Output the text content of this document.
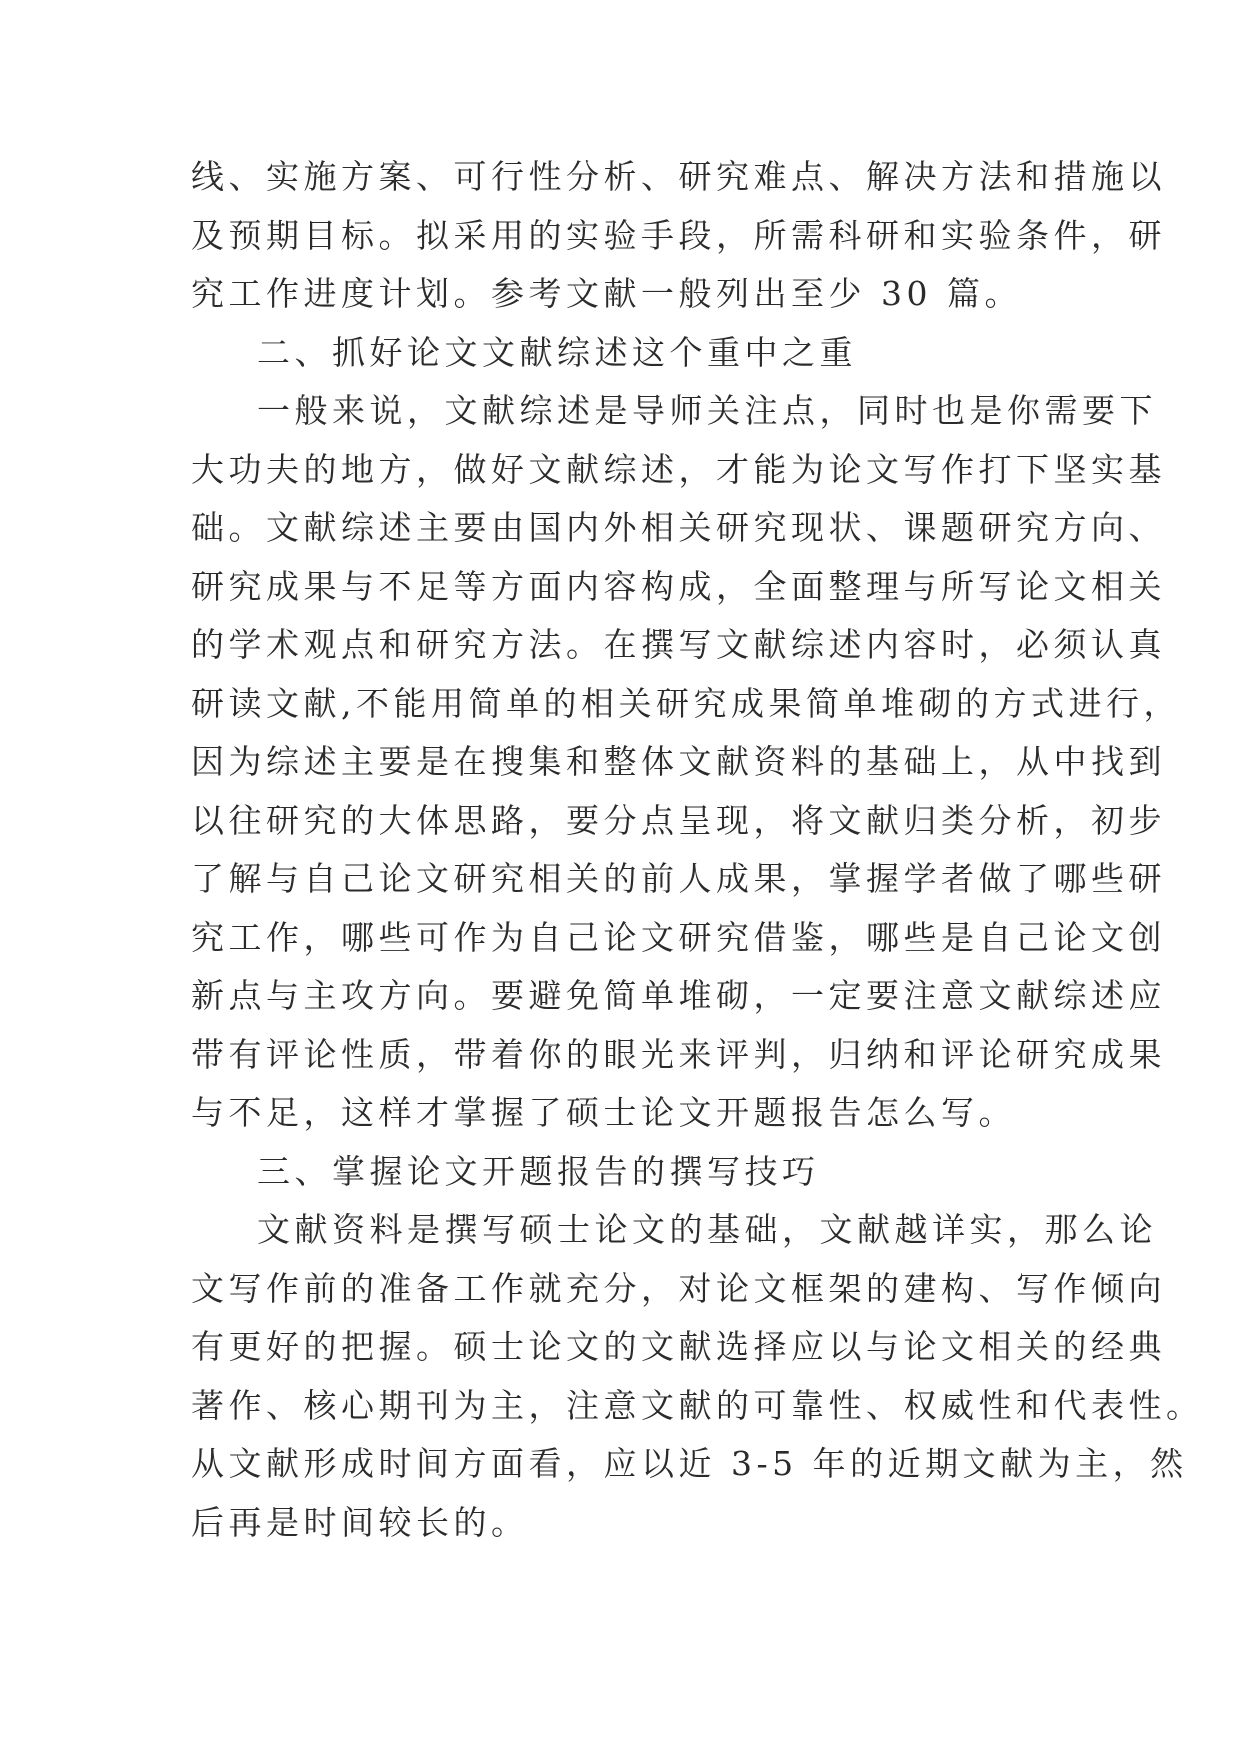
线、实施方案、可行性分析、研究难点、解决方法和措施以
及预期目标。拟采用的实验手段，所需科研和实验条件，研
究工作进度计划。参考文献一般列出至少 30 篇。
二、抓好论文文献综述这个重中之重
一般来说，文献综述是导师关注点，同时也是你需要下
大功夫的地方，做好文献综述，才能为论文写作打下坚实基
础。文献综述主要由国内外相关研究现状、课题研究方向、
研究成果与不足等方面内容构成，全面整理与所写论文相关
的学术观点和研究方法。在撰写文献综述内容时，必须认真
研读文献,不能用简单的相关研究成果简单堆砌的方式进行，
因为综述主要是在搜集和整体文献资料的基础上，从中找到
以往研究的大体思路，要分点呈现，将文献归类分析，初步
了解与自己论文研究相关的前人成果，掌握学者做了哪些研
究工作，哪些可作为自己论文研究借鉴，哪些是自己论文创
新点与主攻方向。要避免简单堆砌，一定要注意文献综述应
带有评论性质，带着你的眼光来评判，归纳和评论研究成果
与不足，这样才掌握了硕士论文开题报告怎么写。
三、掌握论文开题报告的撰写技巧
文献资料是撰写硕士论文的基础，文献越详实，那么论
文写作前的准备工作就充分，对论文框架的建构、写作倾向
有更好的把握。硕士论文的文献选择应以与论文相关的经典
著作、核心期刊为主，注意文献的可靠性、权威性和代表性。
从文献形成时间方面看，应以近 3-5 年的近期文献为主，然
后再是时间较长的。
